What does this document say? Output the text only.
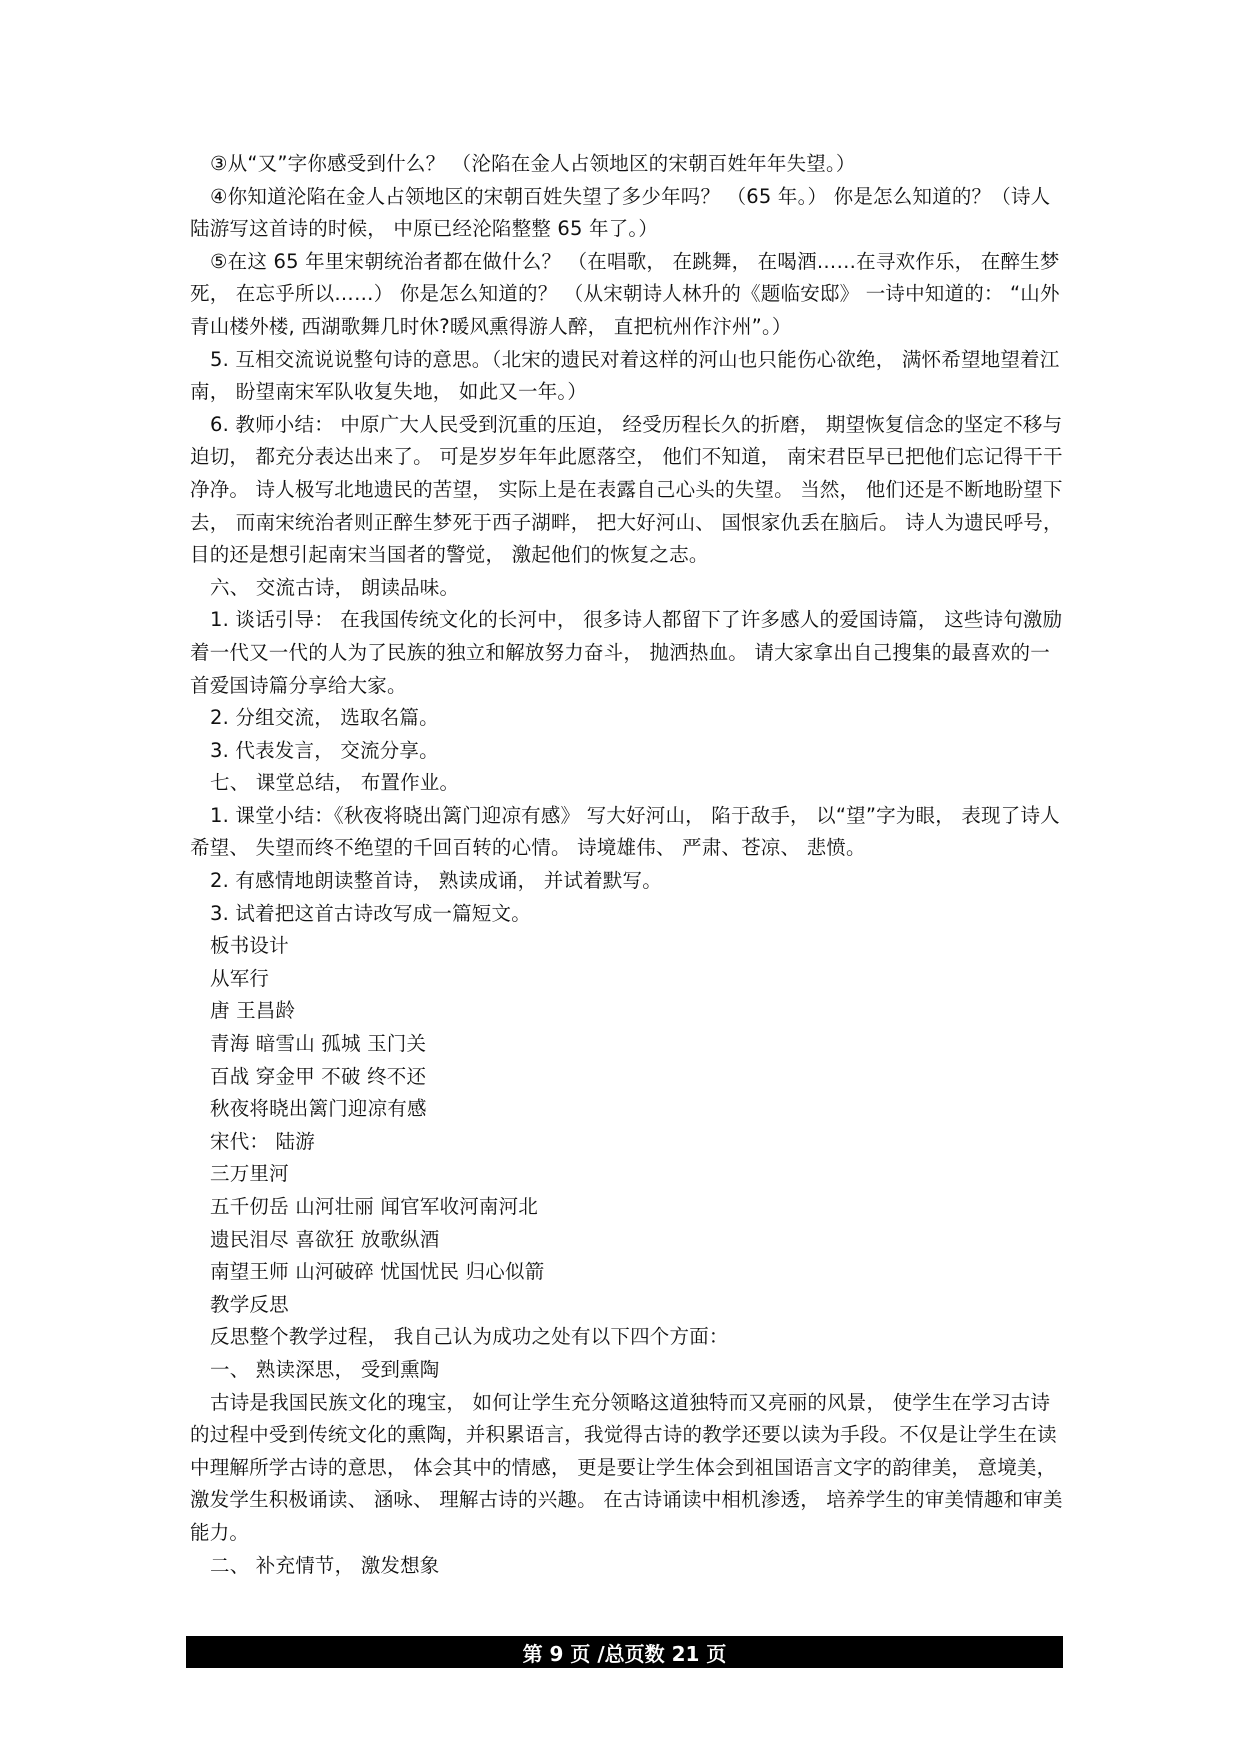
③从“又”字你感受到什么？ （沦陷在金人占领地区的宋朝百姓年年失望。）

④你知道沦陷在金人占领地区的宋朝百姓失望了多少年吗？ （65 年。） 你是怎么知道的？（诗人陆游写这首诗的时候， 中原已经沦陷整整 65 年了。）

⑤在这 65 年里宋朝统治者都在做什么？ （在唱歌， 在跳舞， 在喝酒……在寻欢作乐， 在醉生梦死， 在忘乎所以……） 你是怎么知道的？ （从宋朝诗人林升的《题临安邸》 一诗中知道的： “山外青山楼外楼, 西湖歌舞几时休?暖风熏得游人醉， 直把杭州作汴州”。）

5. 互相交流说说整句诗的意思。（北宋的遗民对着这样的河山也只能伤心欲绝， 满怀希望地望着江南， 盼望南宋军队收复失地， 如此又一年。）

6. 教师小结： 中原广大人民受到沉重的压迫， 经受历程长久的折磨， 期望恢复信念的坚定不移与迫切， 都充分表达出来了。 可是岁岁年年此愿落空， 他们不知道， 南宋君臣早已把他们忘记得干干净净。 诗人极写北地遗民的苦望， 实际上是在表露自己心头的失望。 当然， 他们还是不断地盼望下去， 而南宋统治者则正醉生梦死于西子湖畔， 把大好河山、 国恨家仇丢在脑后。 诗人为遗民呼号， 目的还是想引起南宋当国者的警觉， 激起他们的恢复之志。

六、 交流古诗， 朗读品味。

1. 谈话引导： 在我国传统文化的长河中， 很多诗人都留下了许多感人的爱国诗篇， 这些诗句激励着一代又一代的人为了民族的独立和解放努力奋斗， 抛洒热血。 请大家拿出自己搜集的最喜欢的一首爱国诗篇分享给大家。

2. 分组交流， 选取名篇。

3. 代表发言， 交流分享。

七、 课堂总结， 布置作业。

1. 课堂小结：《秋夜将晓出篱门迎凉有感》 写大好河山， 陷于敌手， 以“望”字为眼， 表现了诗人希望、 失望而终不绝望的千回百转的心情。 诗境雄伟、 严肃、苍凉、 悲愤。

2. 有感情地朗读整首诗， 熟读成诵， 并试着默写。

3. 试着把这首古诗改写成一篇短文。

板书设计

从军行

唐 王昌龄

青海 暗雪山 孤城 玉门关

百战 穿金甲 不破 终不还

秋夜将晓出篱门迎凉有感

宋代： 陆游

三万里河

五千仞岳 山河壮丽 闻官军收河南河北

遗民泪尽 喜欲狂 放歌纵酒

南望王师 山河破碎 忧国忧民 归心似箭

教学反思

反思整个教学过程， 我自己认为成功之处有以下四个方面：

一、 熟读深思， 受到熏陶

古诗是我国民族文化的瑰宝， 如何让学生充分领略这道独特而又亮丽的风景， 使学生在学习古诗的过程中受到传统文化的熏陶，并积累语言，我觉得古诗的教学还要以读为手段。不仅是让学生在读中理解所学古诗的意思， 体会其中的情感， 更是要让学生体会到祖国语言文字的韵律美， 意境美， 激发学生积极诵读、 涵咏、 理解古诗的兴趣。 在古诗诵读中相机渗透， 培养学生的审美情趣和审美能力。

二、 补充情节， 激发想象

第 9 页 /总页数 21 页
